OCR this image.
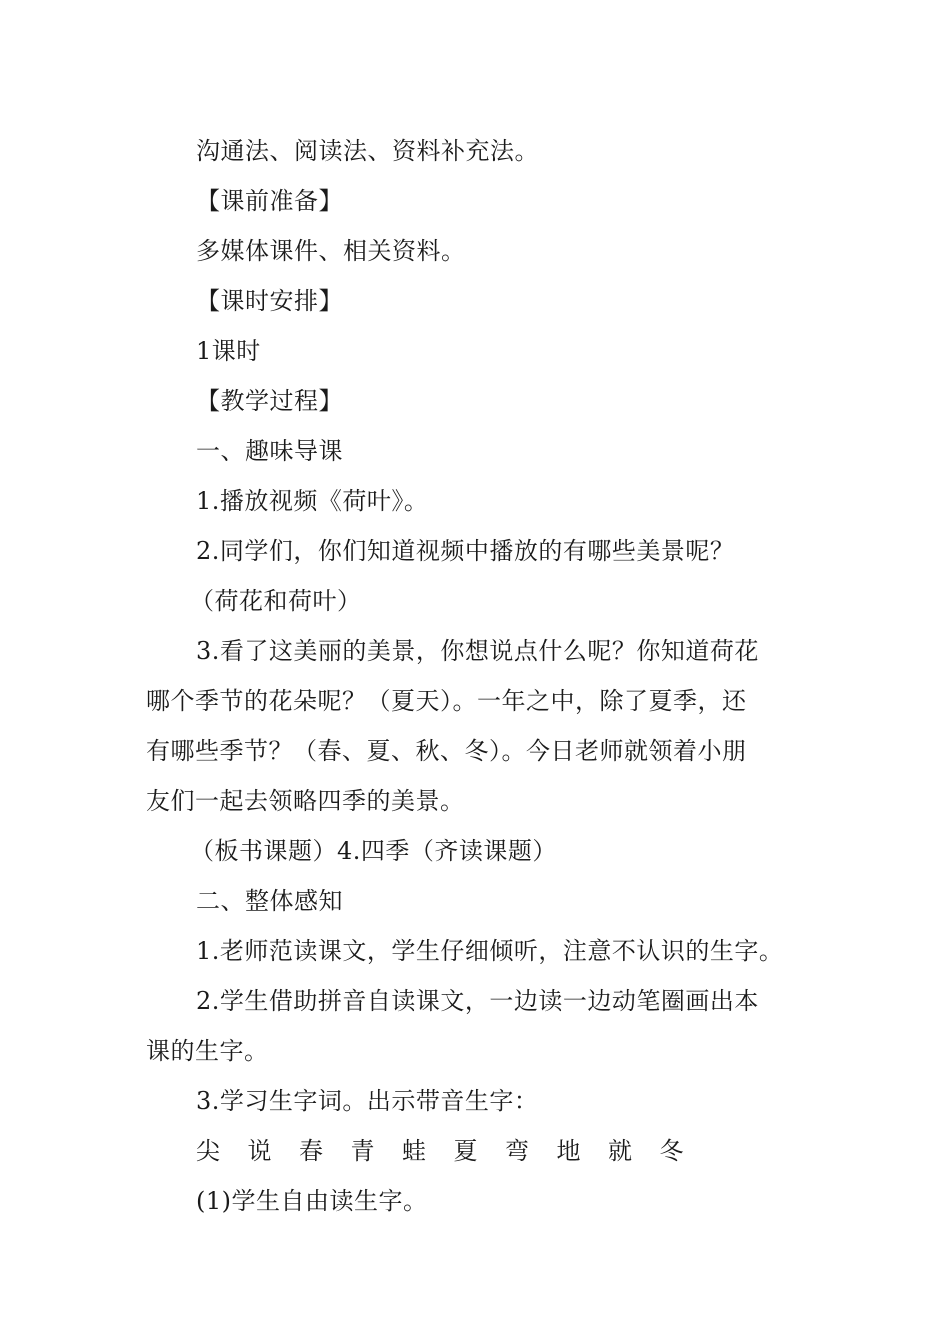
沟通法、阅读法、资料补充法。
【课前准备】
多媒体课件、相关资料。
【课时安排】
1课时
【教学过程】
一、趣味导课
1.播放视频《荷叶》。
2.同学们，你们知道视频中播放的有哪些美景呢？
（荷花和荷叶）
3.看了这美丽的美景，你想说点什么呢？你知道荷花
哪个季节的花朵呢？（夏天）。一年之中，除了夏季，还
有哪些季节？（春、夏、秋、冬）。今日老师就领着小朋
友们一起去领略四季的美景。
（板书课题）4.四季（齐读课题）
二、整体感知
1.老师范读课文，学生仔细倾听，注意不认识的生字。
2.学生借助拼音自读课文，一边读一边动笔圈画出本
课的生字。
3.学习生字词。出示带音生字：
尖 说 春 青 蛙 夏 弯 地 就 冬
(1)学生自由读生字。
